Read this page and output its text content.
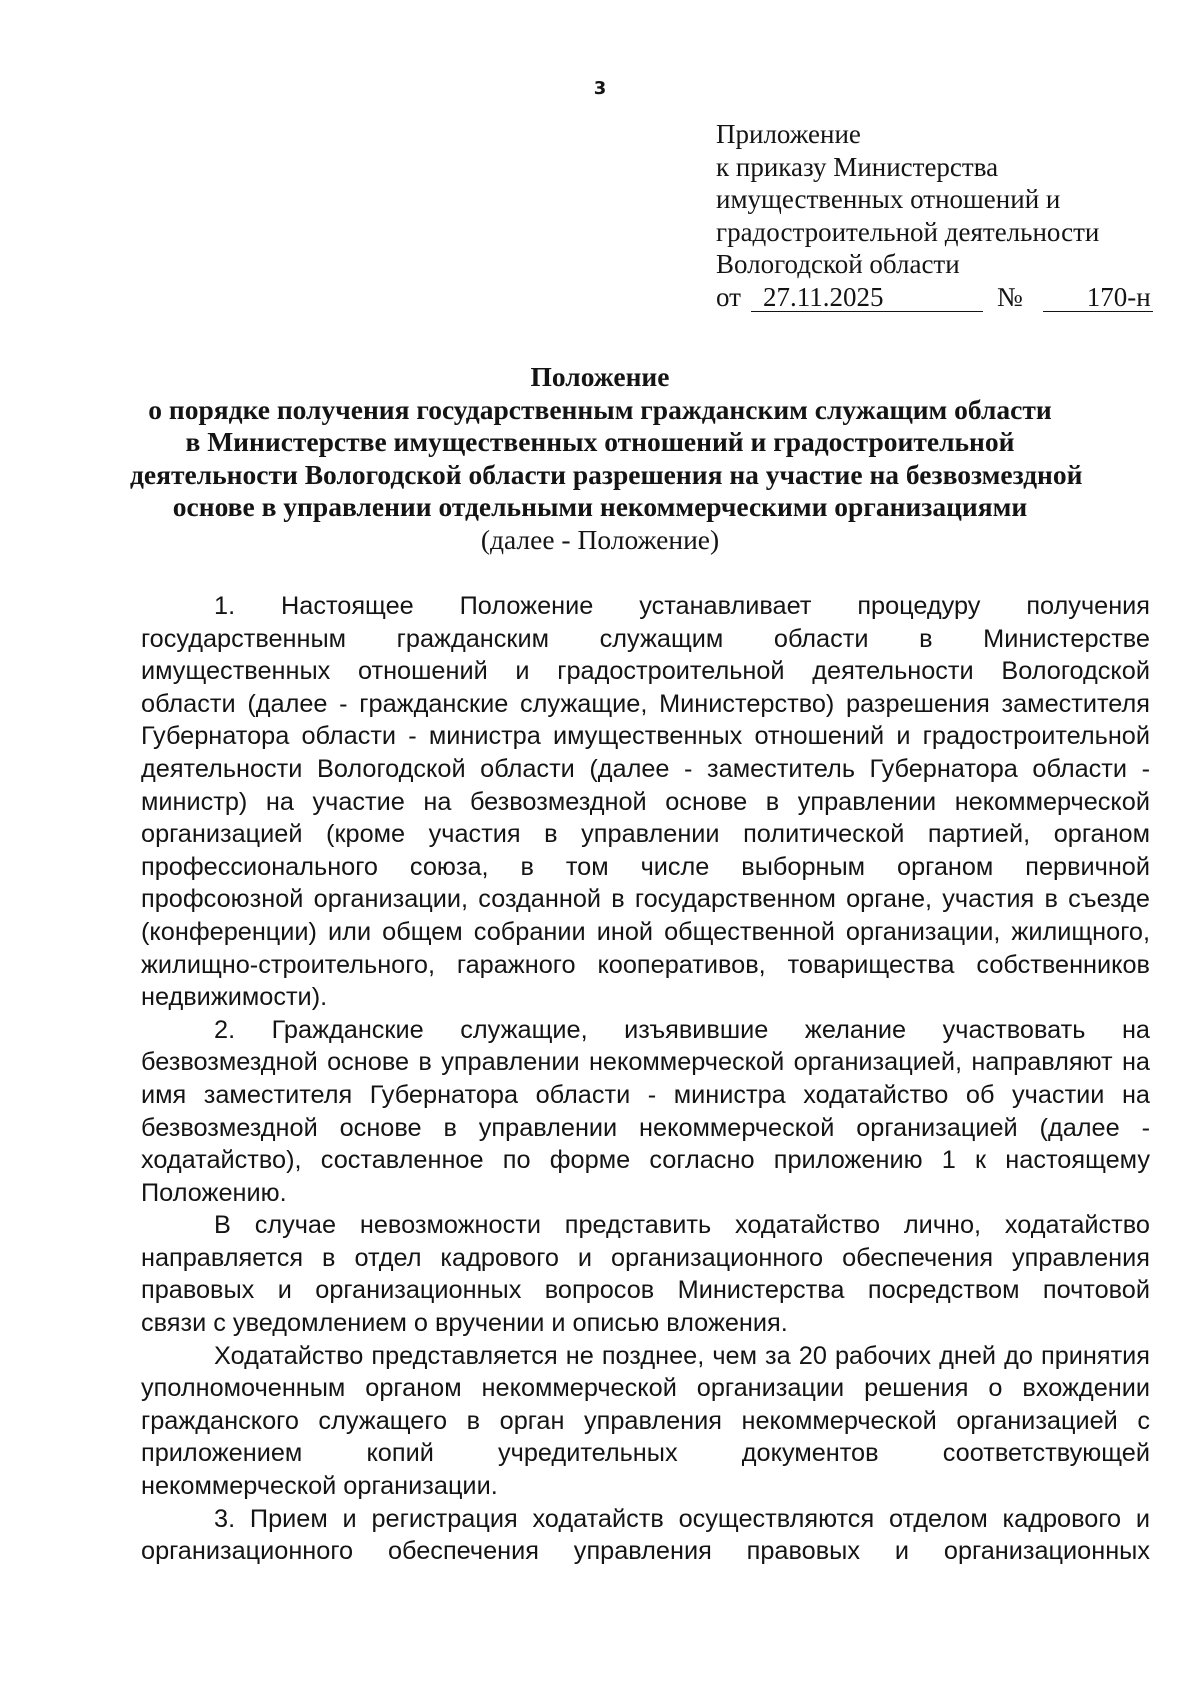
3
Приложение
к приказу Министерства
имущественных отношений и
градостроительной деятельности
Вологодской области
от 27.11.2025	№	170-н
Положение
о порядке получения государственным гражданским служащим области
в Министерстве имущественных отношений и градостроительной
деятельности Вологодской области разрешения на участие на безвозмездной
основе в управлении отдельными некоммерческими организациями
(далее - Положение)
1. Настоящее Положение устанавливает процедуру получения
государственным гражданским служащим области в Министерстве
имущественных отношений и градостроительной деятельности Вологодской
области (далее - гражданские служащие, Министерство) разрешения заместителя
Губернатора области - министра имущественных отношений и градостроительной
деятельности Вологодской области (далее - заместитель Губернатора области -
министр) на участие на безвозмездной основе в управлении некоммерческой
организацией (кроме участия в управлении политической партией, органом
профессионального союза, в том числе выборным органом первичной
профсоюзной организации, созданной в государственном органе, участия в съезде
(конференции) или общем собрании иной общественной организации, жилищного,
жилищно-строительного, гаражного кооперативов, товарищества собственников
недвижимости).
2. Гражданские служащие, изъявившие желание участвовать на
безвозмездной основе в управлении некоммерческой организацией, направляют на
имя заместителя Губернатора области - министра ходатайство об участии на
безвозмездной основе в управлении некоммерческой организацией (далее -
ходатайство), составленное по форме согласно приложению 1 к настоящему
Положению.
В случае невозможности представить ходатайство лично, ходатайство
направляется в отдел кадрового и организационного обеспечения управления
правовых и организационных вопросов Министерства посредством почтовой
связи с уведомлением о вручении и описью вложения.
Ходатайство представляется не позднее, чем за 20 рабочих дней до принятия
уполномоченным органом некоммерческой организации решения о вхождении
гражданского служащего в орган управления некоммерческой организацией с
приложением копий учредительных документов соответствующей
некоммерческой организации.
3. Прием и регистрация ходатайств осуществляются отделом кадрового и
организационного обеспечения управления правовых и организационных
